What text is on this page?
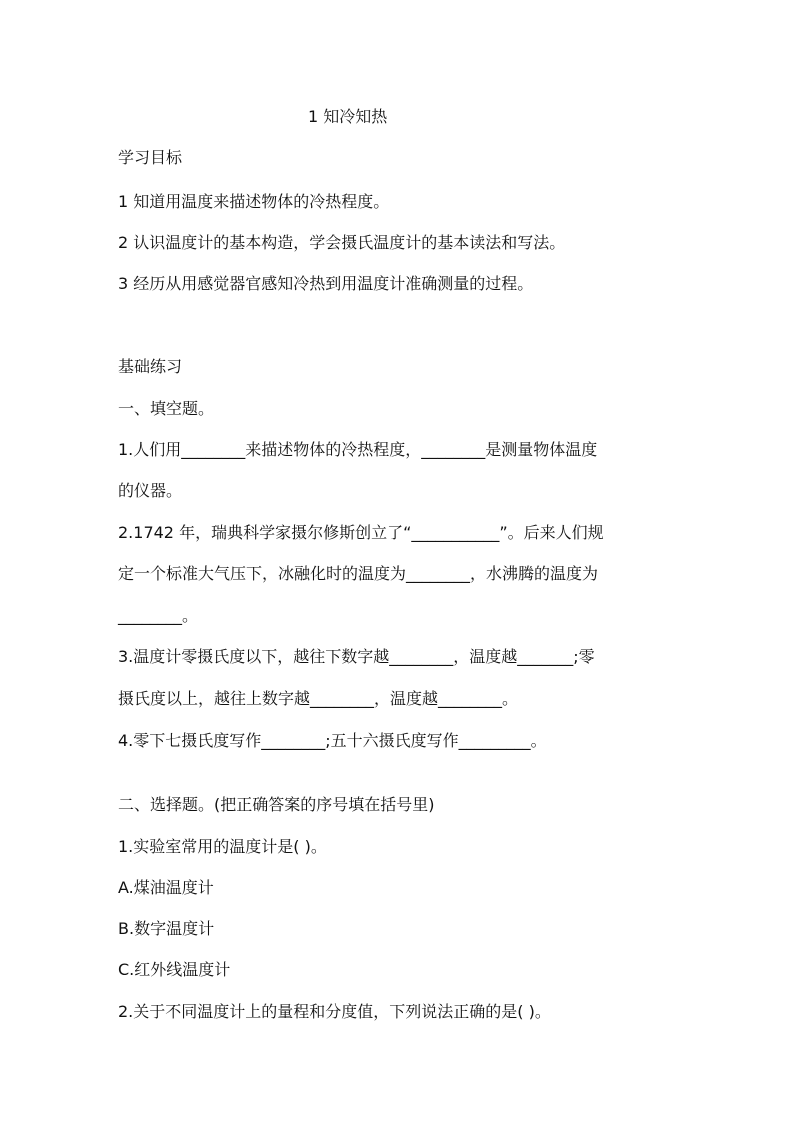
1 知冷知热
学习目标
1 知道用温度来描述物体的冷热程度。
2 认识温度计的基本构造，学会摄氏温度计的基本读法和写法。
3 经历从用感觉器官感知冷热到用温度计准确测量的过程。
基础练习
一、填空题。
1.人们用________来描述物体的冷热程度，________是测量物体温度
的仪器。
2.1742 年，瑞典科学家摄尔修斯创立了“___________”。后来人们规
定一个标准大气压下，冰融化时的温度为________，水沸腾的温度为
________。
3.温度计零摄氏度以下，越往下数字越________，温度越_______;零
摄氏度以上，越往上数字越________，温度越________。
4.零下七摄氏度写作________;五十六摄氏度写作_________。
二、选择题。(把正确答案的序号填在括号里)
1.实验室常用的温度计是( )。
A.煤油温度计
B.数字温度计
C.红外线温度计
2.关于不同温度计上的量程和分度值，下列说法正确的是( )。
